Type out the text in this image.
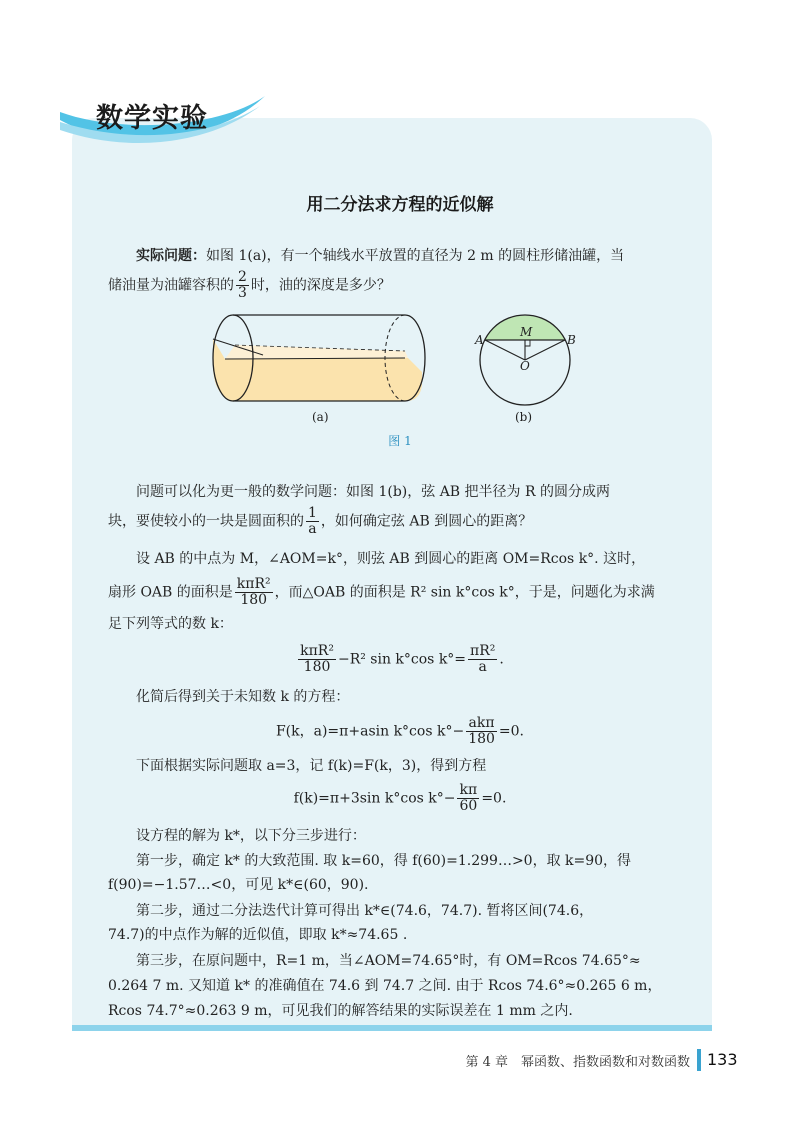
数学实验
用二分法求方程的近似解
实际问题：如图 1(a)，有一个轴线水平放置的直径为 2 m 的圆柱形储油罐，当
储油量为油罐容积的 $\frac{2}{3}$ 时，油的深度是多少？
A	B
M
O
(a)	(b)
图 1
问题可以化为更一般的数学问题：如图 1(b)，弦 AB 把半径为 R 的圆分成两
块，要使较小的一块是圆面积的 $\frac{1}{a}$ ，如何确定弦 AB 到圆心的距离？
设 AB 的中点为 M，∠AOM=k°，则弦 AB 到圆心的距离 OM=Rcos k°. 这时，
扇形 OAB 的面积是 $\frac{\text{kπR²}}{180}$ ，而△OAB 的面积是 R² sin k°cos k°，于是，问题化为求满
足下列等式的数 k：
$\frac{\text{kπR²}}{180} -R^2$ sin k°cos $k^\circ= \frac{\text{πR²}}{a}$ .
化简后得到关于未知数 k 的方程：
F(k，a)=π+asin k°cos $k^\circ- \frac{\text{akπ}}{180} =0$.
下面根据实际问题取 a=3，记 f(k)=F(k，3)，得到方程
f(k)=π+3sin k°cos $k^\circ- \frac{k\pi}{60} =0$.
设方程的解为 k*，以下分三步进行：
第一步，确定 k* 的大致范围. 取 k=60，得 f(60)=1.299…>0，取 k=90，得
f(90)=−1.57…<0，可见 k*∈(60，90).
第二步，通过二分法迭代计算可得出 k*∈(74.6，74.7). 暂将区间(74.6，
74.7)的中点作为解的近似值，即取 k*≈74.65 .
第三步，在原问题中，R=1 m，当∠AOM=74.65°时，有 OM=Rcos 74.65°≈
0.264 7 m. 又知道 k* 的准确值在 74.6 到 74.7 之间. 由于 Rcos 74.6°≈0.265 6 m，
Rcos 74.7°≈0.263 9 m，可见我们的解答结果的实际误差在 1 mm 之内.
第 4 章　幂函数、指数函数和对数函数 133
